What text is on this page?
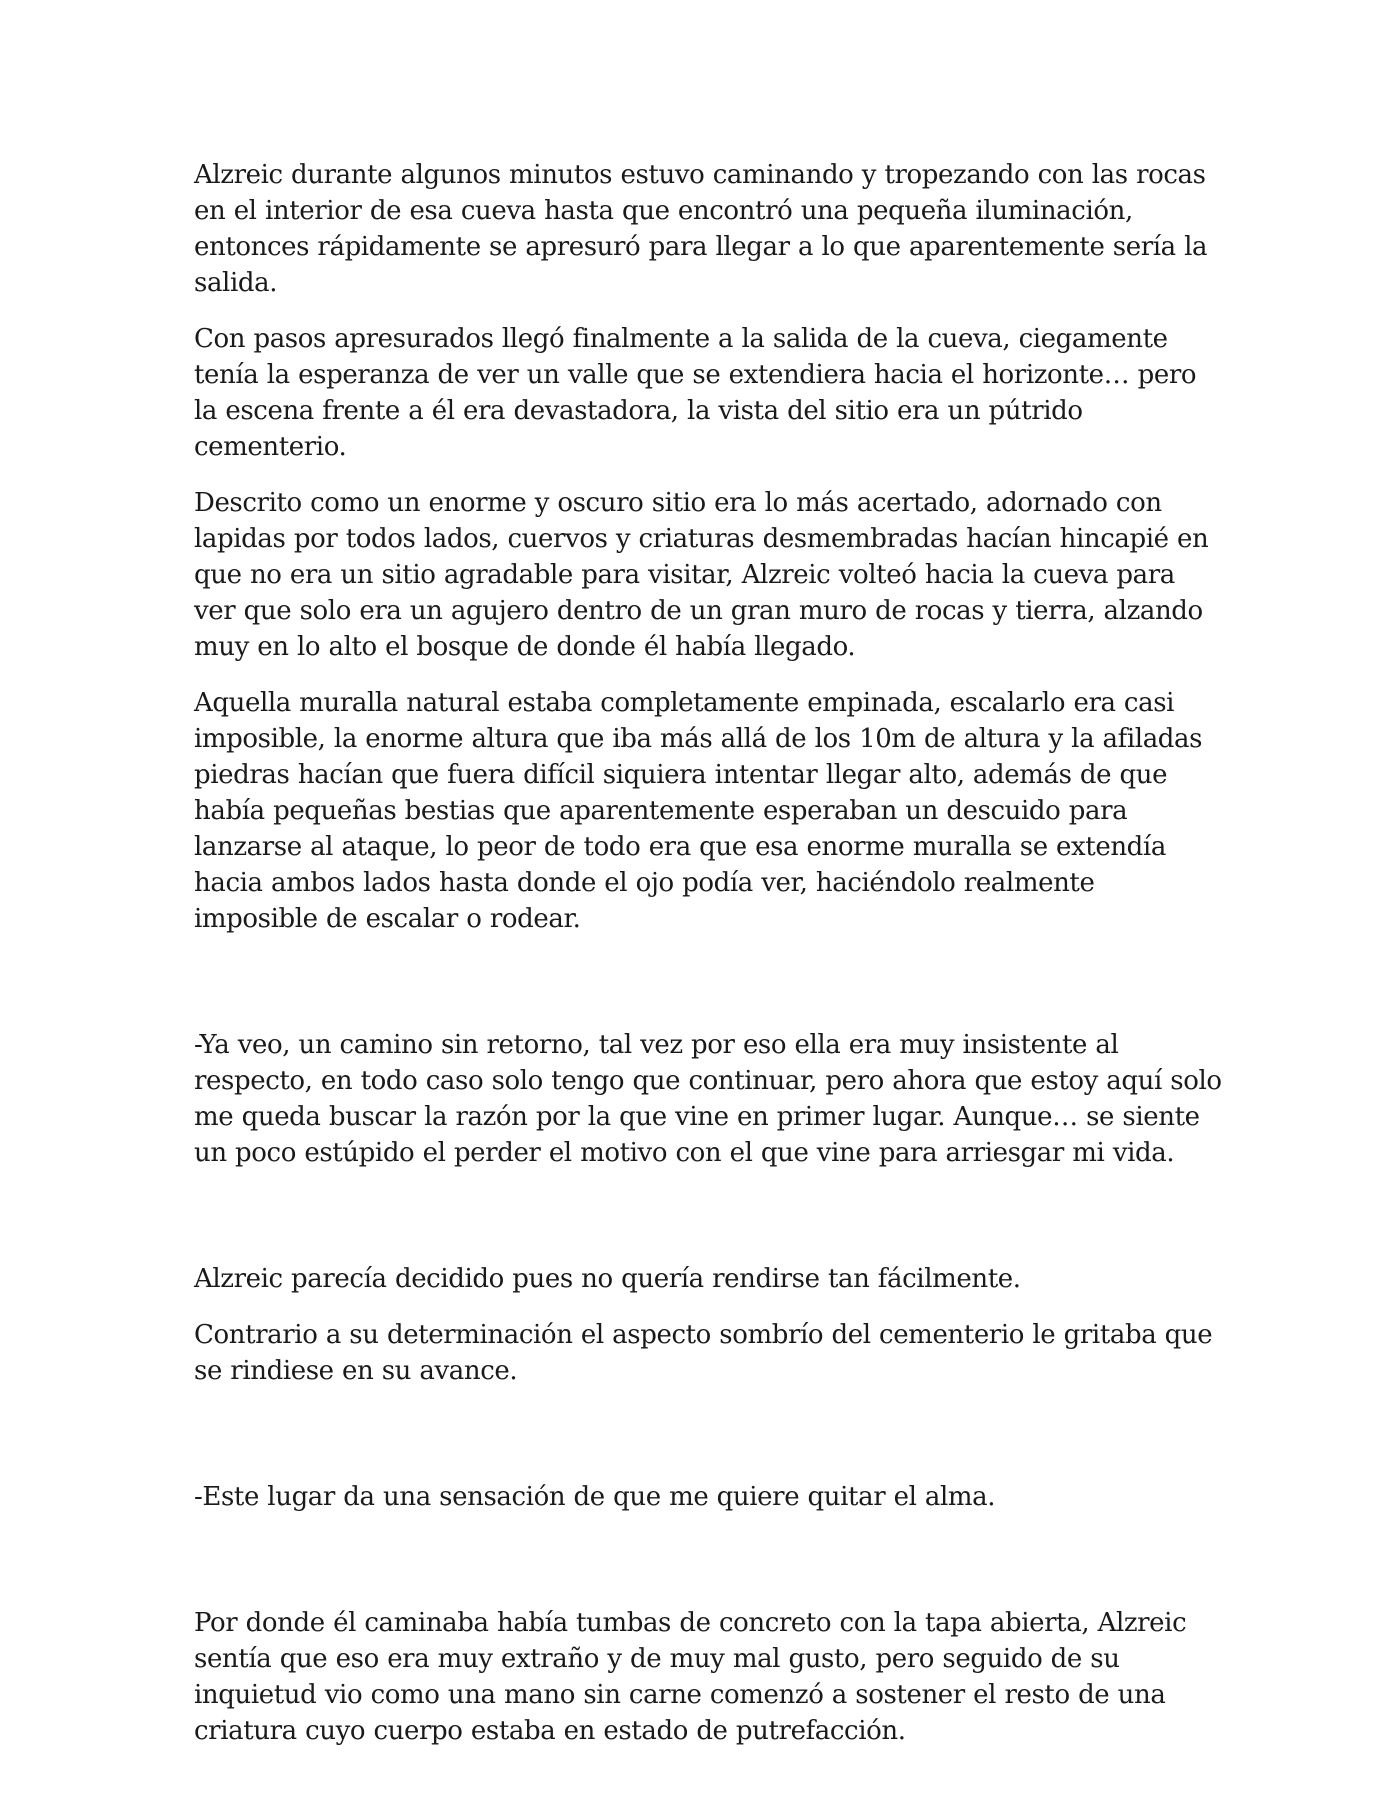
Alzreic durante algunos minutos estuvo caminando y tropezando con las rocas en el interior de esa cueva hasta que encontró una pequeña iluminación, entonces rápidamente se apresuró para llegar a lo que aparentemente sería la salida.

Con pasos apresurados llegó finalmente a la salida de la cueva, ciegamente tenía la esperanza de ver un valle que se extendiera hacia el horizonte… pero la escena frente a él era devastadora, la vista del sitio era un pútrido cementerio.

Descrito como un enorme y oscuro sitio era lo más acertado, adornado con lapidas por todos lados, cuervos y criaturas desmembradas hacían hincapié en que no era un sitio agradable para visitar, Alzreic volteó hacia la cueva para ver que solo era un agujero dentro de un gran muro de rocas y tierra, alzando muy en lo alto el bosque de donde él había llegado.

Aquella muralla natural estaba completamente empinada, escalarlo era casi imposible, la enorme altura que iba más allá de los 10m de altura y la afiladas piedras hacían que fuera difícil siquiera intentar llegar alto, además de que había pequeñas bestias que aparentemente esperaban un descuido para lanzarse al ataque, lo peor de todo era que esa enorme muralla se extendía hacia ambos lados hasta donde el ojo podía ver, haciéndolo realmente imposible de escalar o rodear.

-Ya veo, un camino sin retorno, tal vez por eso ella era muy insistente al respecto, en todo caso solo tengo que continuar, pero ahora que estoy aquí solo me queda buscar la razón por la que vine en primer lugar. Aunque… se siente un poco estúpido el perder el motivo con el que vine para arriesgar mi vida.

Alzreic parecía decidido pues no quería rendirse tan fácilmente.

Contrario a su determinación el aspecto sombrío del cementerio le gritaba que se rindiese en su avance.

-Este lugar da una sensación de que me quiere quitar el alma.

Por donde él caminaba había tumbas de concreto con la tapa abierta, Alzreic sentía que eso era muy extraño y de muy mal gusto, pero seguido de su inquietud vio como una mano sin carne comenzó a sostener el resto de una criatura cuyo cuerpo estaba en estado de putrefacción.
